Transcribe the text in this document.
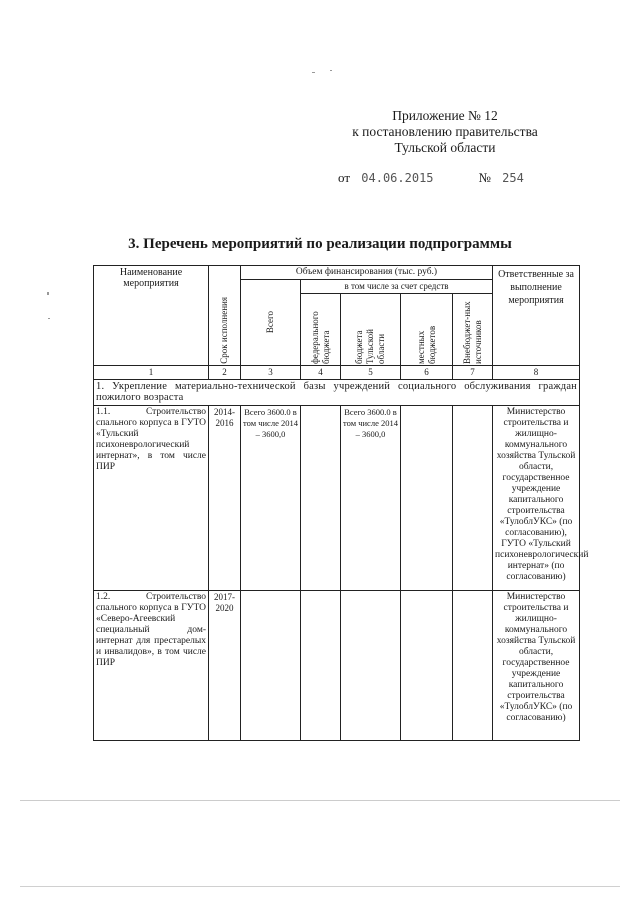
Приложение № 12
к постановлению правительства
Тульской области
от 04.06.2015	№ 254
3. Перечень мероприятий по реализации подпрограммы
Наименование мероприятия	Срок исполнения	Объем финансирования (тыс. руб.)					Ответственные за выполнение мероприятия

		Всего	в том числе за счет средств				

			федерального бюджета	бюджета Тульской области	местных бюджетов	Внебюджет-ных источников	

1	2	3	4	5	6	7	8
1. Укрепление материально-технической базы учреждений социального обслуживания граждан пожилого возраста							
1.1. Строительство спального корпуса в ГУТО «Тульский психоневрологический интернат», в том числе ПИР	2014-2016	Всего 3600.0 в том числе 2014 – 3600,0		Всего 3600.0 в том числе 2014 – 3600,0			Министерство строительства и жилищно-коммунального хозяйства Тульской области, государственное учреждение капитального строительства «ТулоблУКС» (по согласованию), ГУТО «Тульский психоневрологический интернат» (по согласованию)
1.2. Строительство спального корпуса в ГУТО «Северо-Агеевский специальный дом-интернат для престарелых и инвалидов», в том числе ПИР	2017-2020						Министерство строительства и жилищно-коммунального хозяйства Тульской области, государственное учреждение капитального строительства «ТулоблУКС» (по согласованию)
